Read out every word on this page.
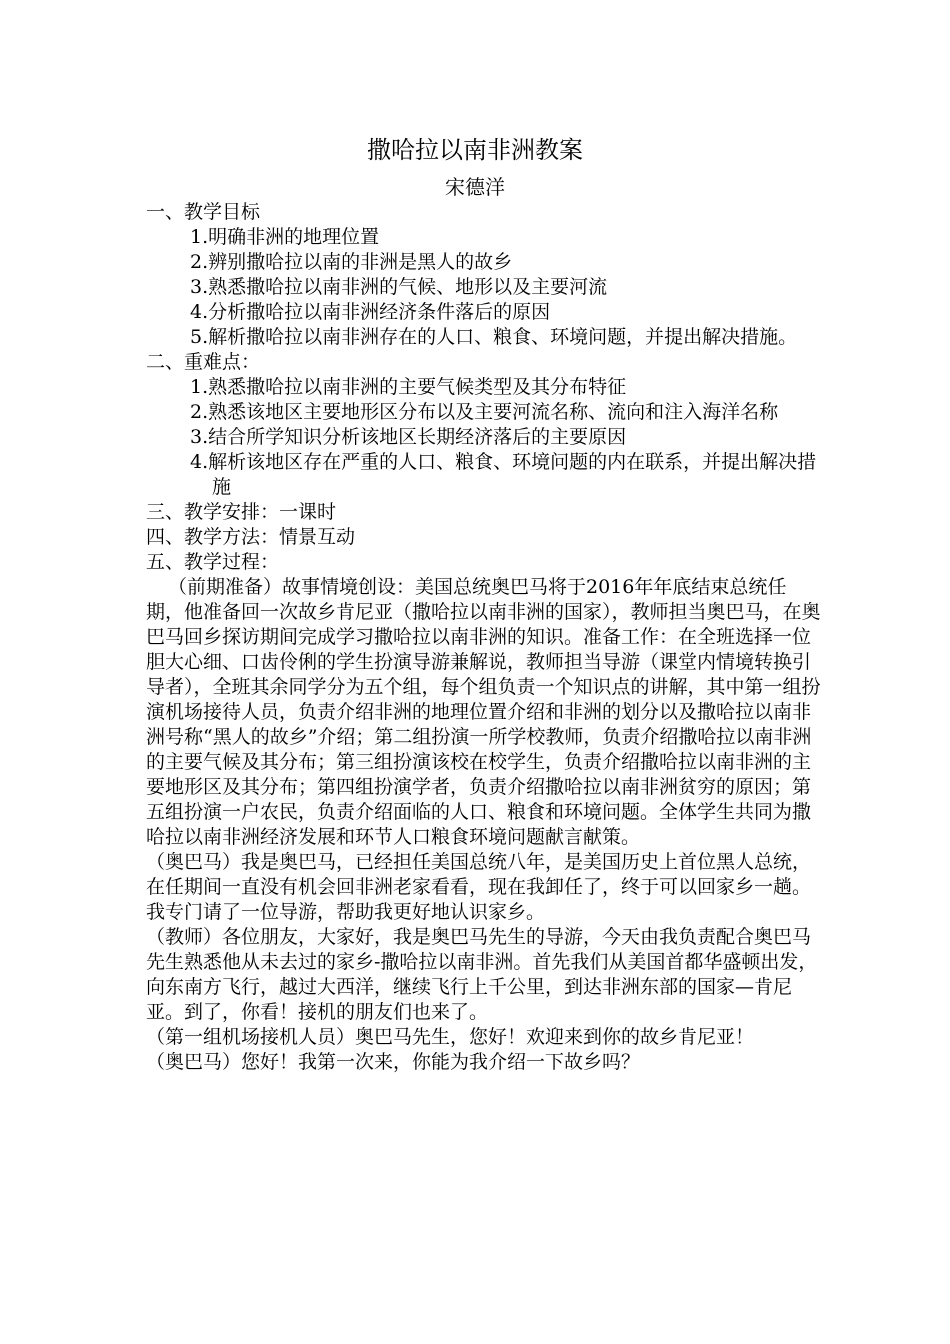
撒哈拉以南非洲教案
宋德洋

一、教学目标

1.明确非洲的地理位置

2.辨别撒哈拉以南的非洲是黑人的故乡

3.熟悉撒哈拉以南非洲的气候、地形以及主要河流

4.分析撒哈拉以南非洲经济条件落后的原因

5.解析撒哈拉以南非洲存在的人口、粮食、环境问题，并提出解决措施。

二、重难点：

1.熟悉撒哈拉以南非洲的主要气候类型及其分布特征

2.熟悉该地区主要地形区分布以及主要河流名称、流向和注入海洋名称

3.结合所学知识分析该地区长期经济落后的主要原因

4.解析该地区存在严重的人口、粮食、环境问题的内在联系，并提出解决措施

三、教学安排：一课时

四、教学方法：情景互动

五、教学过程：

（前期准备）故事情境创设：美国总统奥巴马将于2016年年底结束总统任期，他准备回一次故乡肯尼亚（撒哈拉以南非洲的国家），教师担当奥巴马，在奥巴马回乡探访期间完成学习撒哈拉以南非洲的知识。准备工作：在全班选择一位胆大心细、口齿伶俐的学生扮演导游兼解说，教师担当导游（课堂内情境转换引导者），全班其余同学分为五个组，每个组负责一个知识点的讲解，其中第一组扮演机场接待人员，负责介绍非洲的地理位置介绍和非洲的划分以及撒哈拉以南非洲号称“黑人的故乡”介绍；第二组扮演一所学校教师，负责介绍撒哈拉以南非洲的主要气候及其分布；第三组扮演该校在校学生，负责介绍撒哈拉以南非洲的主要地形区及其分布；第四组扮演学者，负责介绍撒哈拉以南非洲贫穷的原因；第五组扮演一户农民，负责介绍面临的人口、粮食和环境问题。全体学生共同为撒哈拉以南非洲经济发展和环节人口粮食环境问题献言献策。

（奥巴马）我是奥巴马，已经担任美国总统八年，是美国历史上首位黑人总统，在任期间一直没有机会回非洲老家看看，现在我卸任了，终于可以回家乡一趟。我专门请了一位导游，帮助我更好地认识家乡。

（教师）各位朋友，大家好，我是奥巴马先生的导游，今天由我负责配合奥巴马先生熟悉他从未去过的家乡-撒哈拉以南非洲。首先我们从美国首都华盛顿出发，向东南方飞行，越过大西洋，继续飞行上千公里，到达非洲东部的国家—肯尼亚。到了，你看！接机的朋友们也来了。

（第一组机场接机人员）奥巴马先生，您好！欢迎来到你的故乡肯尼亚！

（奥巴马）您好！我第一次来，你能为我介绍一下故乡吗？
